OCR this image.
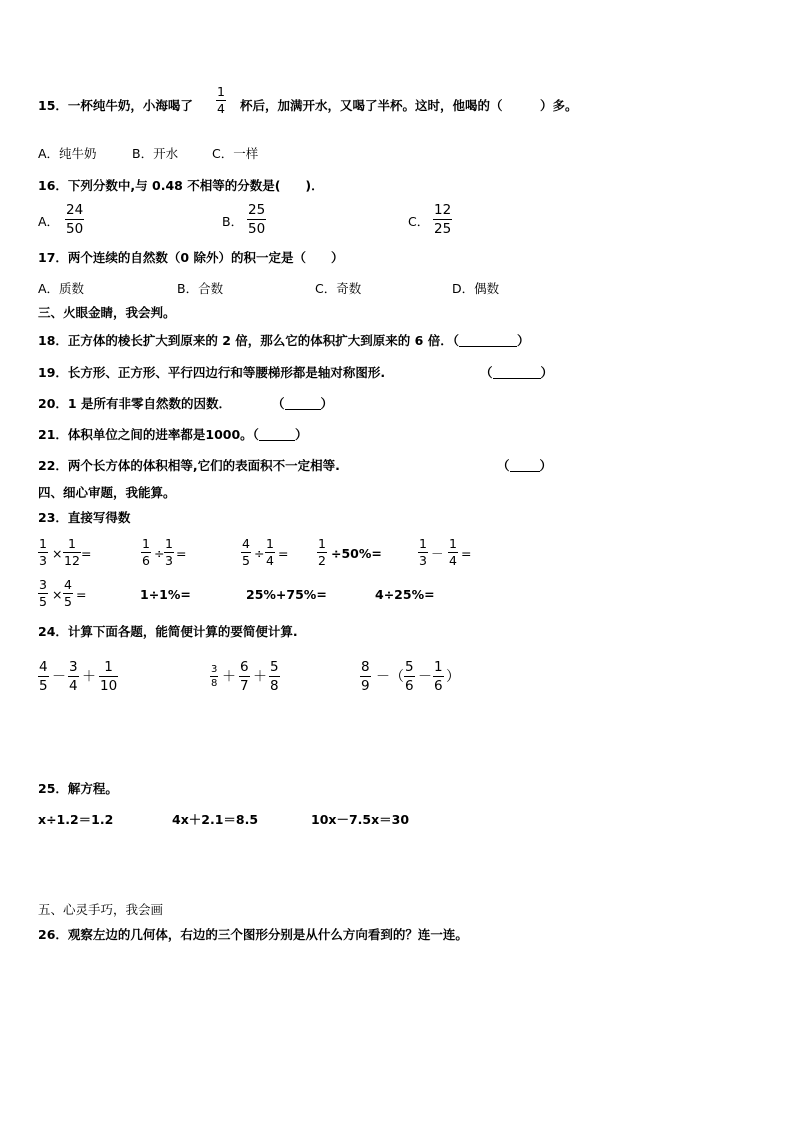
15．一杯纯牛奶，小海喝了
1
4 杯后，加满开水，又喝了半杯。这时，他喝的（　　　）多。
A．纯牛奶	B．开水	C．一样
16．下列分数中,与 0.48 不相等的分数是(　　)．
A．
24
50	B．
25
50	C．
12
25
17．两个连续的自然数（0 除外）的积一定是（　　）
A．质数	B．合数	C．奇数	D．偶数
三、火眼金睛，我会判。
18．正方体的棱长扩大到原来的 2 倍，那么它的体积扩大到原来的 6 倍．（	）
19．长方形、正方形、平行四边行和等腰梯形都是轴对称图形.	（	）
20．1 是所有非零自然数的因数．	（	）
21．体积单位之间的进率都是1000。（	）
22．两个长方体的体积相等,它们的表面积不一定相等.	（ ）
四、细心审题，我能算。
23．直接写得数
1
3 ×
1
12 =
1
6 ÷
1
3 =
4
5 ÷
1
4 =
1
2 ÷50%=
1
3 －
1
4 =
3
5 ×
4
5 =	1÷1%=	25%+75%=	4÷25%=
24．计算下面各题，能简便计算的要简便计算.
4
5
－
3
4
＋
1
10
3
8 ＋
6
7
＋
5
8
8
9
－（
5
6
－
1
6
）
25．解方程。
x÷1.2＝1.2	4x＋2.1＝8.5	10x－7.5x＝30
五、心灵手巧，我会画
26．观察左边的几何体，右边的三个图形分别是从什么方向看到的？连一连。
